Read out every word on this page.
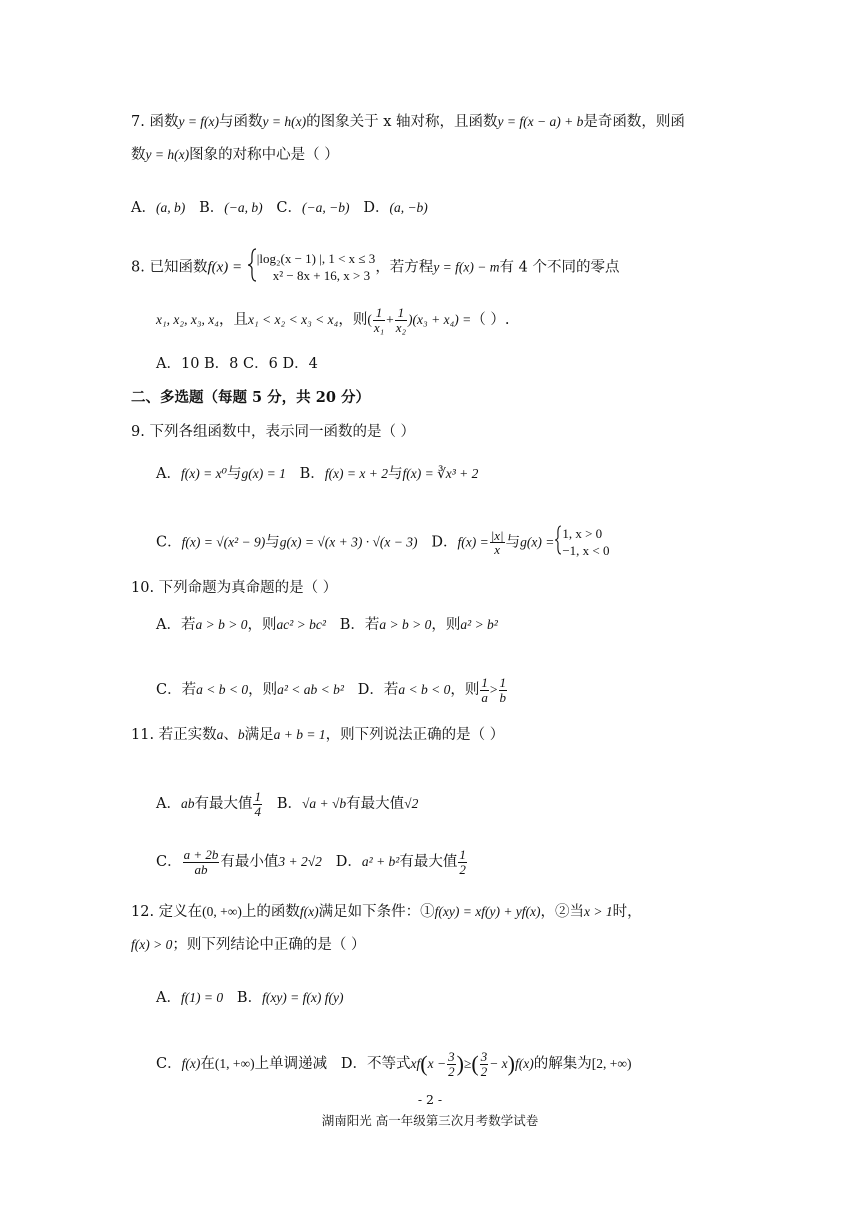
7. 函数y = f(x)与函数y = h(x)的图象关于 x 轴对称，且函数y = f(x − a) + b是奇函数，则函
数y = h(x)图象的对称中心是（ ）
A．(a, b) B．(−a, b) C．(−a, −b) D．(a, −b)
8. 已知函数f(x) =
|log₂(x − 1) |, 1 < x ≤ 3
x² − 8x + 16, x > 3 ，若方程y = f(x) − m有 4 个不同的零点
x₁, x₂, x₃, x₄，且x₁ < x₂ < x₃ < x₄，则( $\frac{1}{\text{x₁}} + \frac{1}{\text{x₂}} )(x_3 + x_4)$ =（ ）.
A．10 B．8 C．6 D．4
二、多选题（每题 5 分，共 20 分）
9. 下列各组函数中，表示同一函数的是（ ）
A．f(x) = x⁰与g(x) = 1 B．f(x) = x + 2与f(x) = ∛x³ + 2
C．f(x) = √(x² − 9)与g(x) = √(x + 3) · √(x − 3) D．$f(x) = \frac{|x|}{x}$ 与g(x) =
1, x > 0
−1, x < 0
10. 下列命题为真命题的是（ ）
A．若a > b > 0，则ac² > bc² B．若a > b > 0，则a² > b²
C．若a < b < 0，则a² < ab < b² D．若a < b < 0，则 $\frac{1}{a} > \frac{1}{b}$
11. 若正实数a、b满足a + b = 1，则下列说法正确的是（ ）
A．ab有最大值 $\frac{1}{4}$ B．√a + √b有最大值√2
C． $\frac{a + 2b}{ab}$ 有最小值3 + 2√2 D．a² + b²有最大值 $\frac{1}{2}$
12. 定义在(0, +∞)上的函数f(x)满足如下条件：①f(xy) = xf(y) + yf(x)，②当x > 1时，
f(x) > 0；则下列结论中正确的是（ ）
A．f(1) = 0 B．f(xy) = f(x) f(y)
C．f(x)在(1, +∞)上单调递减 D．不等式$xf(x - \frac{3}{2}$ )≥( $\frac{3}{2} - x)f(x)$的解集为[2, +∞)
- 2 -
湖南阳光 高一年级第三次月考数学试卷
